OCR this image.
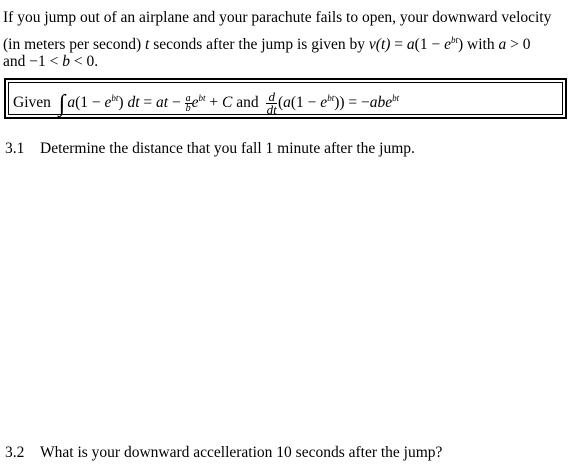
If you jump out of an airplane and your parachute fails to open, your downward velocity
(in meters per second) t seconds after the jump is given by $v(t) = a(1 - e^{bt})$ with a > 0
and −1 < b < 0.
Given ∫ $a(1 - e^{bt})$ dt = at − $\frac{a}{b} e^{bt} + C$ and $\frac{d}{dt} (a(1 - e^{bt})) = -abe^{bt}$
3.1 Determine the distance that you fall 1 minute after the jump.
3.2 What is your downward accelleration 10 seconds after the jump?
